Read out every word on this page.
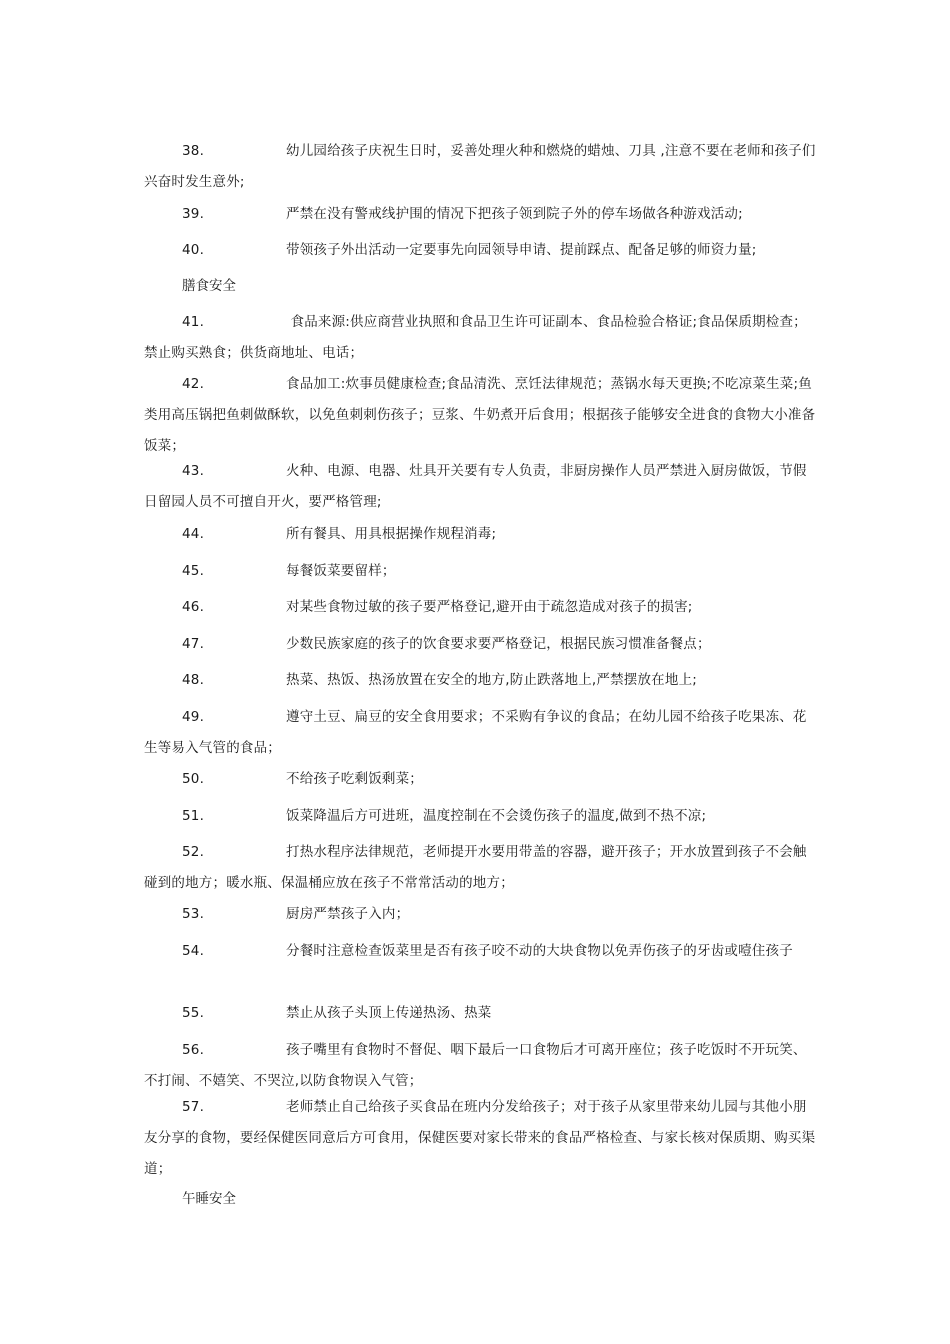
38.	幼儿园给孩子庆祝生日时，妥善处理火种和燃烧的蜡烛、刀具 ,注意不要在老师和孩子们兴奋时发生意外;

39.	严禁在没有警戒线护围的情况下把孩子领到院子外的停车场做各种游戏活动;

40.	带领孩子外出活动一定要事先向园领导申请、提前踩点、配备足够的师资力量;

膳食安全

41.	食品来源:供应商营业执照和食品卫生许可证副本、食品检验合格证;食品保质期检查；禁止购买熟食；供货商地址、电话；

42.	食品加工:炊事员健康检查;食品清洗、烹饪法律规范；蒸锅水每天更换;不吃凉菜生菜;鱼类用高压锅把鱼刺做酥软，以免鱼刺刺伤孩子；豆浆、牛奶煮开后食用；根据孩子能够安全进食的食物大小准备饭菜；

43.	火种、电源、电器、灶具开关要有专人负责，非厨房操作人员严禁进入厨房做饭，节假日留园人员不可擅自开火，要严格管理;

44.	所有餐具、用具根据操作规程消毒;

45.	每餐饭菜要留样；

46.	对某些食物过敏的孩子要严格登记,避开由于疏忽造成对孩子的损害;

47.	少数民族家庭的孩子的饮食要求要严格登记，根据民族习惯准备餐点；

48.	热菜、热饭、热汤放置在安全的地方,防止跌落地上,严禁摆放在地上;

49.	遵守土豆、扁豆的安全食用要求；不采购有争议的食品；在幼儿园不给孩子吃果冻、花生等易入气管的食品；

50.	不给孩子吃剩饭剩菜；

51.	饭菜降温后方可进班，温度控制在不会烫伤孩子的温度,做到不热不凉;

52.	打热水程序法律规范，老师提开水要用带盖的容器，避开孩子；开水放置到孩子不会触碰到的地方；暖水瓶、保温桶应放在孩子不常常活动的地方；

53.	厨房严禁孩子入内；

54.	分餐时注意检查饭菜里是否有孩子咬不动的大块食物以免弄伤孩子的牙齿或噎住孩子

55.	禁止从孩子头顶上传递热汤、热菜

56.	孩子嘴里有食物时不督促、咽下最后一口食物后才可离开座位；孩子吃饭时不开玩笑、不打闹、不嬉笑、不哭泣,以防食物误入气管；

57.	老师禁止自己给孩子买食品在班内分发给孩子；对于孩子从家里带来幼儿园与其他小朋友分享的食物，要经保健医同意后方可食用，保健医要对家长带来的食品严格检查、与家长核对保质期、购买渠道；

午睡安全
